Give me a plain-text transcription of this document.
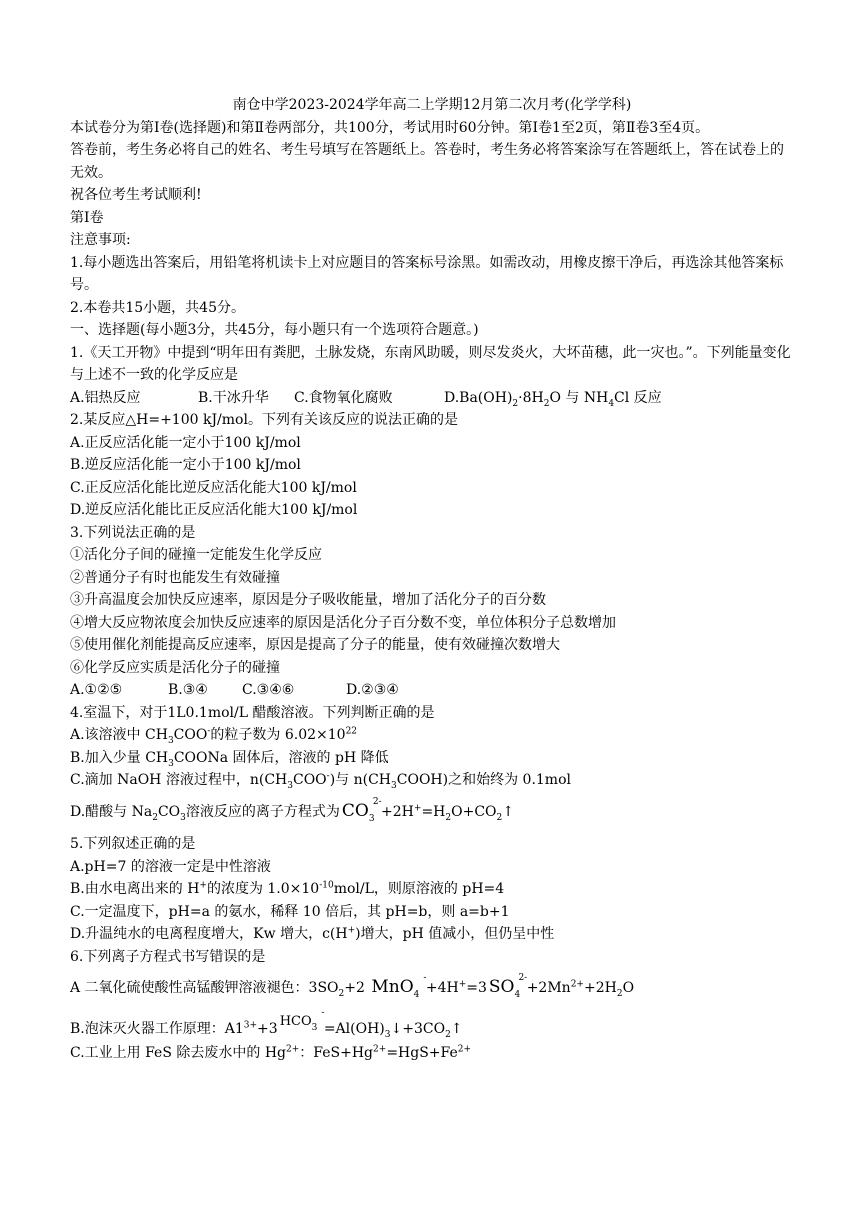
南仓中学2023-2024学年高二上学期12月第二次月考(化学学科)

本试卷分为第Ⅰ卷(选择题)和第Ⅱ卷两部分，共100分，考试用时60分钟。第Ⅰ卷1至2页，第Ⅱ卷3至4页。

答卷前，考生务必将自己的姓名、考生号填写在答题纸上。答卷时，考生务必将答案涂写在答题纸上，答在试卷上的无效。

祝各位考生考试顺利!

第Ⅰ卷

注意事项:

1.每小题选出答案后，用铅笔将机读卡上对应题目的答案标号涂黑。如需改动，用橡皮擦干净后，再选涂其他答案标号。

2.本卷共15小题，共45分。

一、选择题(每小题3分，共45分，每小题只有一个选项符合题意。)

1.《天工开物》中提到“明年田有粪肥，土脉发烧，东南风助暖，则尽发炎火，大坏苗穗，此一灾也。”。下列能量变化与上述不一致的化学反应是

A.铝热反应	B.干冰升华	C.食物氧化腐败	$D.Ba(OH)_2\cdot 8H_2O$ 与 $NH_4Cl$ 反应

2.某反应△H=+100 kJ/mol。下列有关该反应的说法正确的是

A.正反应活化能一定小于100 kJ/mol

B.逆反应活化能一定小于100 kJ/mol

C.正反应活化能比逆反应活化能大100 kJ/mol

D.逆反应活化能比正反应活化能大100 kJ/mol

3.下列说法正确的是

①活化分子间的碰撞一定能发生化学反应

②普通分子有时也能发生有效碰撞

③升高温度会加快反应速率，原因是分子吸收能量，增加了活化分子的百分数

④增大反应物浓度会加快反应速率的原因是活化分子百分数不变，单位体积分子总数增加

⑤使用催化剂能提高反应速率，原因是提高了分子的能量，使有效碰撞次数增大

⑥化学反应实质是活化分子的碰撞

A.①②⑤	B.③④	C.③④⑥	D.②③④

4.室温下，对于1L0.1mol/L 醋酸溶液。下列判断正确的是

A.该溶液中 $CH_3COO^-$的粒子数为 $6.02\times 10^{22}$

B.加入少量 $CH_3COONa$ 固体后，溶液的 pH 降低

C.滴加 NaOH 溶液过程中，$n(CH_3COO^-)$与 $n(CH_3COOH)$之和始终为 0.1mol

D.醋酸与 $Na_2CO_3$溶液反应的离子方程式为 $CO_3$
2-
$+2H^+=H_2O+CO_2↑$

5.下列叙述正确的是

A.pH=7 的溶液一定是中性溶液

B.由水电离出来的 H+的浓度为 $1.0\times 10^{-10}mol/L$，则原溶液的 pH=4

C.一定温度下，pH=a 的氨水，稀释 10 倍后，其 pH=b，则 a=b+1

D.升温纯水的电离程度增大，Kw 增大，c(H+)增大，pH 值减小，但仍呈中性

6.下列离子方程式书写错误的是

A 二氧化硫使酸性高锰酸钾溶液褪色：$3SO_2+2$ MnO$_4$
-
+4H+=3 $SO_4$
2-
$+2Mn^{2+}+2H_2O$

B.泡沫灭火器工作原理：$A1^{3+}+3$ $HCO_3$
-
$=Al(OH)_3↓+3CO_2↑$

C.工业上用 FeS 除去废水中的 $Hg^{2+}$：$FeS+Hg^{2+}=HgS+Fe^{2+}$
